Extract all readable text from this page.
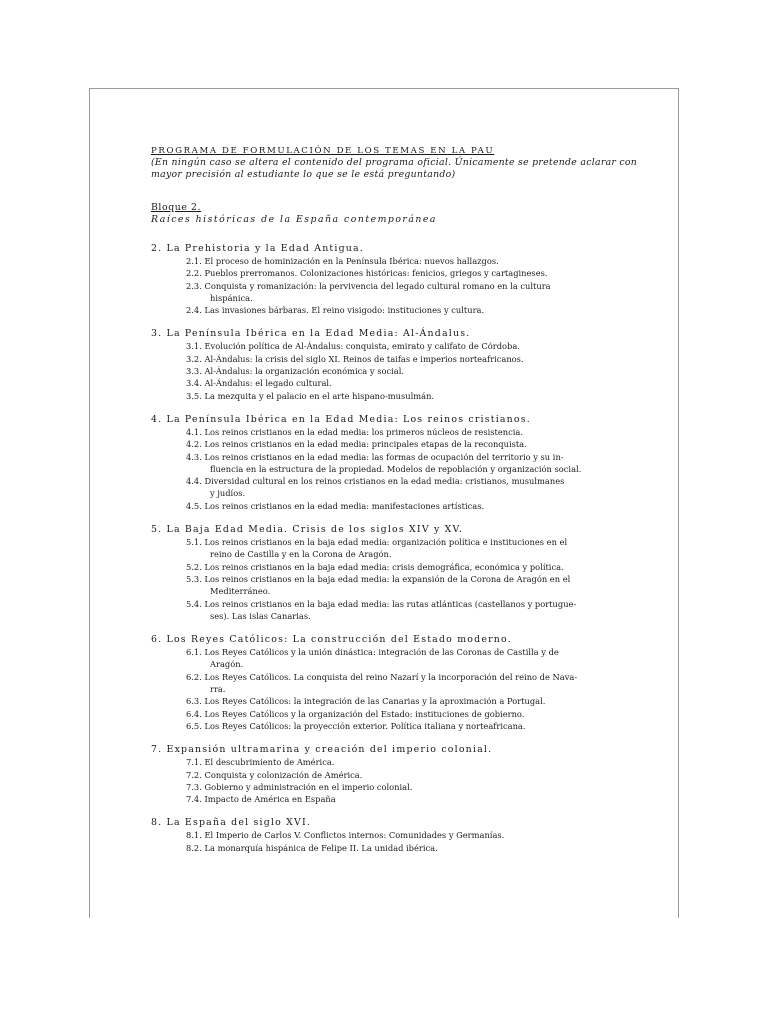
PROGRAMA DE FORMULACIÓN DE LOS TEMAS EN LA PAU
(En ningún caso se altera el contenido del programa oficial. Únicamente se pretende aclarar con
mayor precisión al estudiante lo que se le está preguntando)
Bloque 2.
Raíces históricas de la España contemporánea
2. La Prehistoria y la Edad Antigua.
2.1. El proceso de hominización en la Península Ibérica: nuevos hallazgos.
2.2. Pueblos prerromanos. Colonizaciones históricas: fenicios, griegos y cartagineses.
2.3. Conquista y romanización: la pervivencia del legado cultural romano en la cultura
hispánica.
2.4. Las invasiones bárbaras. El reino visigodo: instituciones y cultura.
3. La Península Ibérica en la Edad Media: Al-Ándalus.
3.1. Evolución política de Al-Ándalus: conquista, emirato y califato de Córdoba.
3.2. Al-Ándalus: la crisis del siglo XI. Reinos de taifas e imperios norteafricanos.
3.3. Al-Ándalus: la organización económica y social.
3.4. Al-Ándalus: el legado cultural.
3.5. La mezquita y el palacio en el arte hispano-musulmán.
4. La Península Ibérica en la Edad Media: Los reinos cristianos.
4.1. Los reinos cristianos en la edad media: los primeros núcleos de resistencia.
4.2. Los reinos cristianos en la edad media: principales etapas de la reconquista.
4.3. Los reinos cristianos en la edad media: las formas de ocupación del territorio y su in-
fluencia en la estructura de la propiedad. Modelos de repoblación y organización social.
4.4. Diversidad cultural en los reinos cristianos en la edad media: cristianos, musulmanes
y judíos.
4.5. Los reinos cristianos en la edad media: manifestaciones artísticas.
5. La Baja Edad Media. Crisis de los siglos XIV y XV.
5.1. Los reinos cristianos en la baja edad media: organización política e instituciones en el
reino de Castilla y en la Corona de Aragón.
5.2. Los reinos cristianos en la baja edad media: crisis demográfica, económica y política.
5.3. Los reinos cristianos en la baja edad media: la expansión de la Corona de Aragón en el
Mediterráneo.
5.4. Los reinos cristianos en la baja edad media: las rutas atlánticas (castellanos y portugue-
ses). Las islas Canarias.
6. Los Reyes Católicos: La construcción del Estado moderno.
6.1. Los Reyes Católicos y la unión dinástica: integración de las Coronas de Castilla y de
Aragón.
6.2. Los Reyes Católicos. La conquista del reino Nazarí y la incorporación del reino de Nava-
rra.
6.3. Los Reyes Católicos: la integración de las Canarias y la aproximación a Portugal.
6.4. Los Reyes Católicos y la organización del Estado: instituciones de gobierno.
6.5. Los Reyes Católicos: la proyección exterior. Política italiana y norteafricana.
7. Expansión ultramarina y creación del imperio colonial.
7.1. El descubrimiento de América.
7.2. Conquista y colonización de América.
7.3. Gobierno y administración en el imperio colonial.
7.4. Impacto de América en España
8. La España del siglo XVI.
8.1. El Imperio de Carlos V. Conflictos internos: Comunidades y Germanías.
8.2. La monarquía hispánica de Felipe II. La unidad ibérica.
